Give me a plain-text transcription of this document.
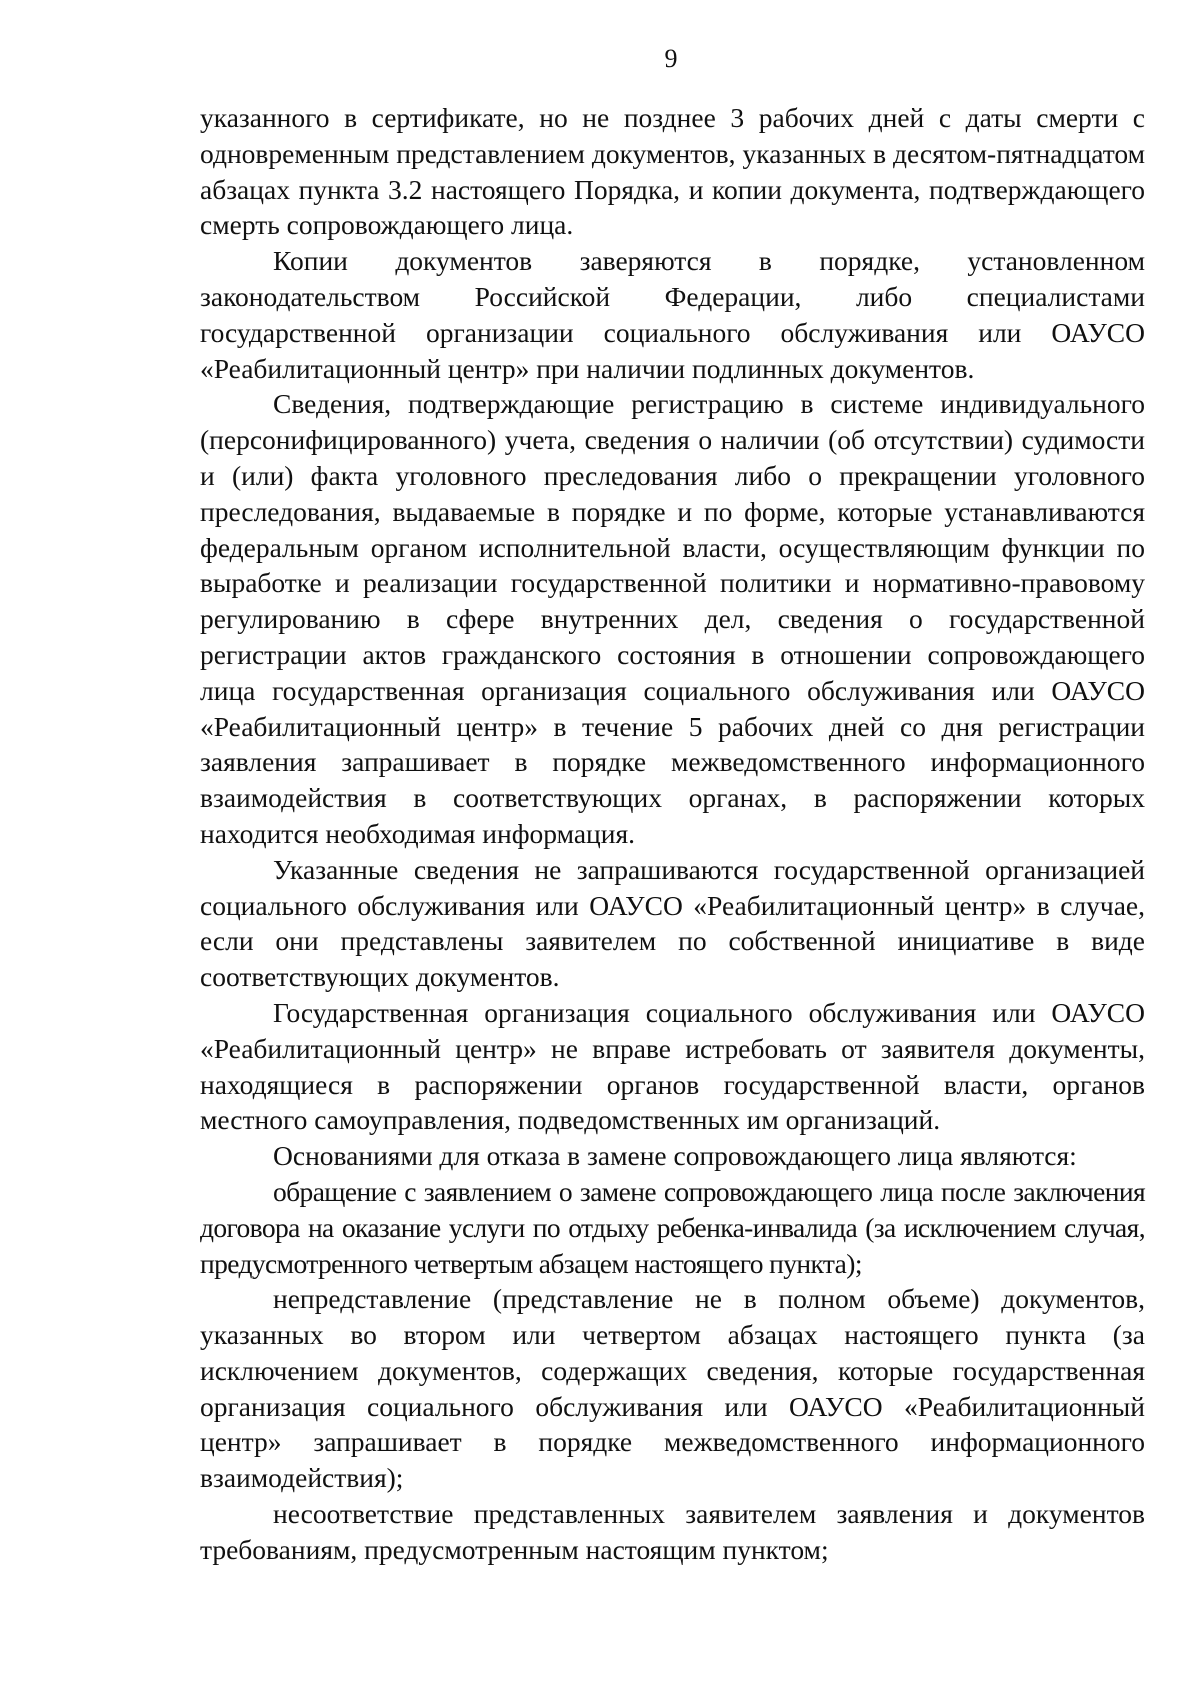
9

указанного в сертификате, но не позднее 3 рабочих дней с даты смерти с одновременным представлением документов, указанных в десятом-пятнадцатом абзацах пункта 3.2 настоящего Порядка, и копии документа, подтверждающего смерть сопровождающего лица.

Копии документов заверяются в порядке, установленном законодательством Российской Федерации, либо специалистами государственной организации социального обслуживания или ОАУСО «Реабилитационный центр» при наличии подлинных документов.

Сведения, подтверждающие регистрацию в системе индивидуального (персонифицированного) учета, сведения о наличии (об отсутствии) судимости и (или) факта уголовного преследования либо о прекращении уголовного преследования, выдаваемые в порядке и по форме, которые устанавливаются федеральным органом исполнительной власти, осуществляющим функции по выработке и реализации государственной политики и нормативно-правовому регулированию в сфере внутренних дел, сведения о государственной регистрации актов гражданского состояния в отношении сопровождающего лица государственная организация социального обслуживания или ОАУСО «Реабилитационный центр» в течение 5 рабочих дней со дня регистрации заявления запрашивает в порядке межведомственного информационного взаимодействия в соответствующих органах, в распоряжении которых находится необходимая информация.

Указанные сведения не запрашиваются государственной организацией социального обслуживания или ОАУСО «Реабилитационный центр» в случае, если они представлены заявителем по собственной инициативе в виде соответствующих документов.

Государственная организация социального обслуживания или ОАУСО «Реабилитационный центр» не вправе истребовать от заявителя документы, находящиеся в распоряжении органов государственной власти, органов местного самоуправления, подведомственных им организаций.

Основаниями для отказа в замене сопровождающего лица являются:

обращение с заявлением о замене сопровождающего лица после заключения договора на оказание услуги по отдыху ребенка-инвалида (за исключением случая, предусмотренного четвертым абзацем настоящего пункта);

непредставление (представление не в полном объеме) документов, указанных во втором или четвертом абзацах настоящего пункта (за исключением документов, содержащих сведения, которые государственная организация социального обслуживания или ОАУСО «Реабилитационный центр» запрашивает в порядке межведомственного информационного взаимодействия);

несоответствие представленных заявителем заявления и документов требованиям, предусмотренным настоящим пунктом;
